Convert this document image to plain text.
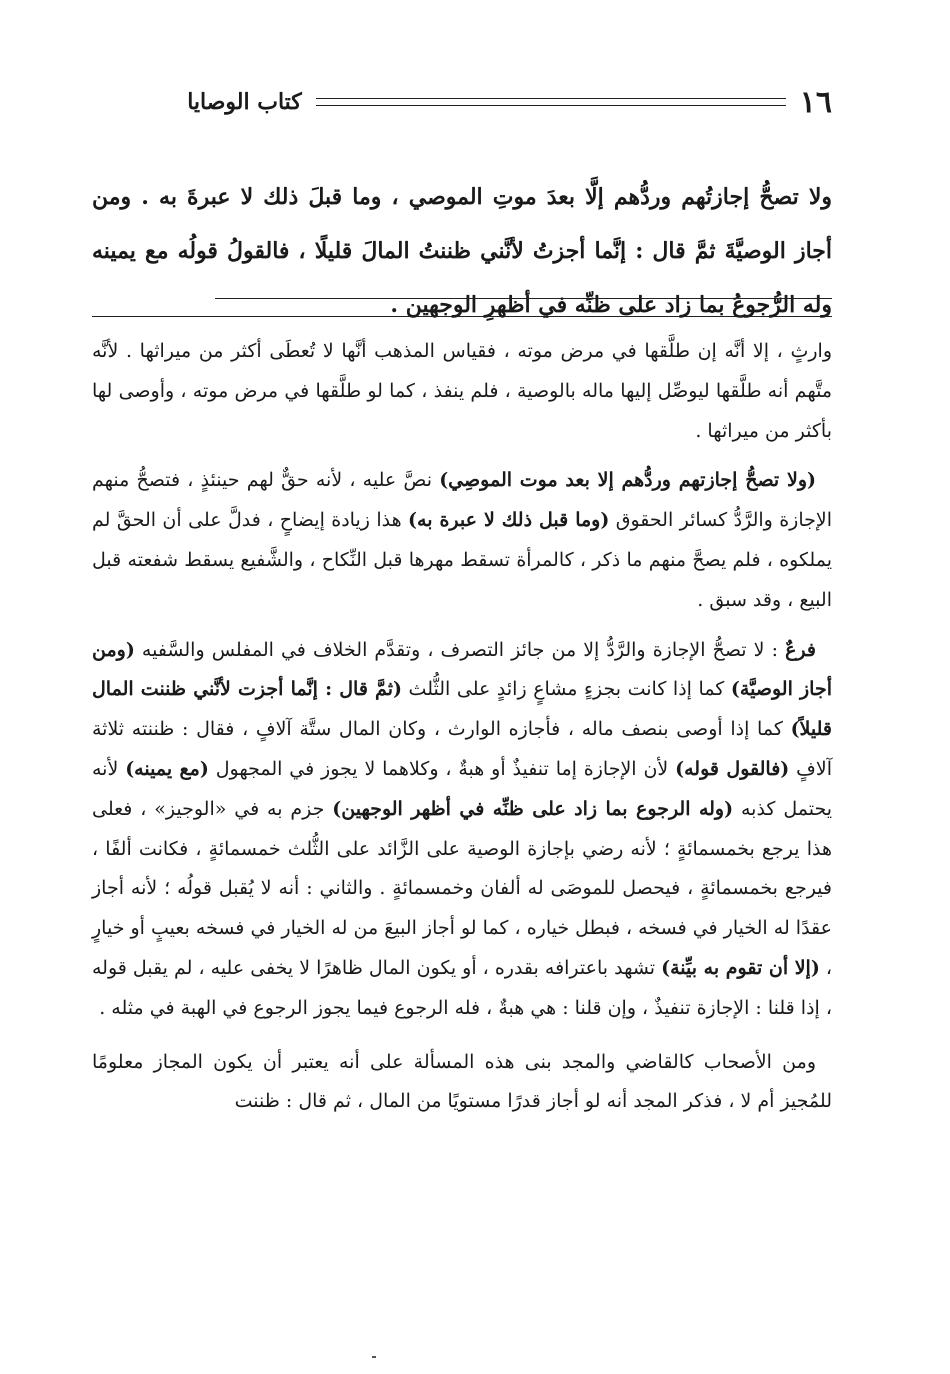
١٦
كتاب الوصايا
ولا تصحُّ إجازتُهم وردُّهم إلَّا بعدَ موتِ الموصي ، وما قبلَ ذلك لا عبرةَ به . ومن أجاز الوصيَّةَ ثمَّ قال : إنَّما أجزتُ لأنَّني ظننتُ المالَ قليلًا ، فالقولُ قولُه مع يمينه وله الرُّجوعُ بما زاد على ظنِّه في أظهرِ الوجهين .

وارثٍ ، إلا أنَّه إن طلَّقها في مرض موته ، فقياس المذهب أنَّها لا تُعطَى أكثر من ميراثها . لأنَّه متَّهم أنه طلَّقها ليوصِّل إليها ماله بالوصية ، فلم ينفذ ، كما لو طلَّقها في مرض موته ، وأوصى لها بأكثر من ميراثها .

(ولا تصحُّ إجازتهم وردُّهم إلا بعد موت الموصِي) نصَّ عليه ، لأنه حقٌّ لهم حينئذٍ ، فتصحُّ منهم الإجازة والرَّدُّ كسائر الحقوق (وما قبل ذلك لا عبرة به) هذا زيادة إيضاحٍ ، فدلَّ على أن الحقَّ لم يملكوه ، فلم يصحَّ منهم ما ذكر ، كالمرأة تسقط مهرها قبل النِّكاح ، والشَّفيع يسقط شفعته قبل البيع ، وقد سبق .

فرعٌ : لا تصحُّ الإجازة والرَّدُّ إلا من جائز التصرف ، وتقدَّم الخلاف في المفلس والسَّفيه (ومن أجاز الوصيَّة) كما إذا كانت بجزءٍ مشاعٍ زائدٍ على الثُّلث (ثمَّ قال : إنَّما أجزت لأنَّني ظننت المال قليلاً) كما إذا أوصى بنصف ماله ، فأجازه الوارث ، وكان المال ستَّة آلافٍ ، فقال : ظننته ثلاثة آلافٍ (فالقول قوله) لأن الإجازة إما تنفيذٌ أو هبةٌ ، وكلاهما لا يجوز في المجهول (مع يمينه) لأنه يحتمل كذبه (وله الرجوع بما زاد على ظنِّه في أظهر الوجهين) جزم به في «الوجيز» ، فعلى هذا يرجع بخمسمائةٍ ؛ لأنه رضي بإجازة الوصية على الزَّائد على الثُّلث خمسمائةٍ ، فكانت ألفًا ، فيرجع بخمسمائةٍ ، فيحصل للموصَى له ألفان وخمسمائةٍ . والثاني : أنه لا يُقبل قولُه ؛ لأنه أجاز عقدًا له الخيار في فسخه ، فبطل خياره ، كما لو أجاز البيعَ من له الخيار في فسخه بعيبٍ أو خيارٍ ، (إلا أن تقوم به بيِّنة) تشهد باعترافه بقدره ، أو يكون المال ظاهرًا لا يخفى عليه ، لم يقبل قوله ، إذا قلنا : الإجازة تنفيذٌ ، وإن قلنا : هي هبةٌ ، فله الرجوع فيما يجوز الرجوع في الهبة في مثله .

ومن الأصحاب كالقاضي والمجد بنى هذه المسألة على أنه يعتبر أن يكون المجاز معلومًا للمُجيز أم لا ، فذكر المجد أنه لو أجاز قدرًا مستويًا من المال ، ثم قال : ظننت
